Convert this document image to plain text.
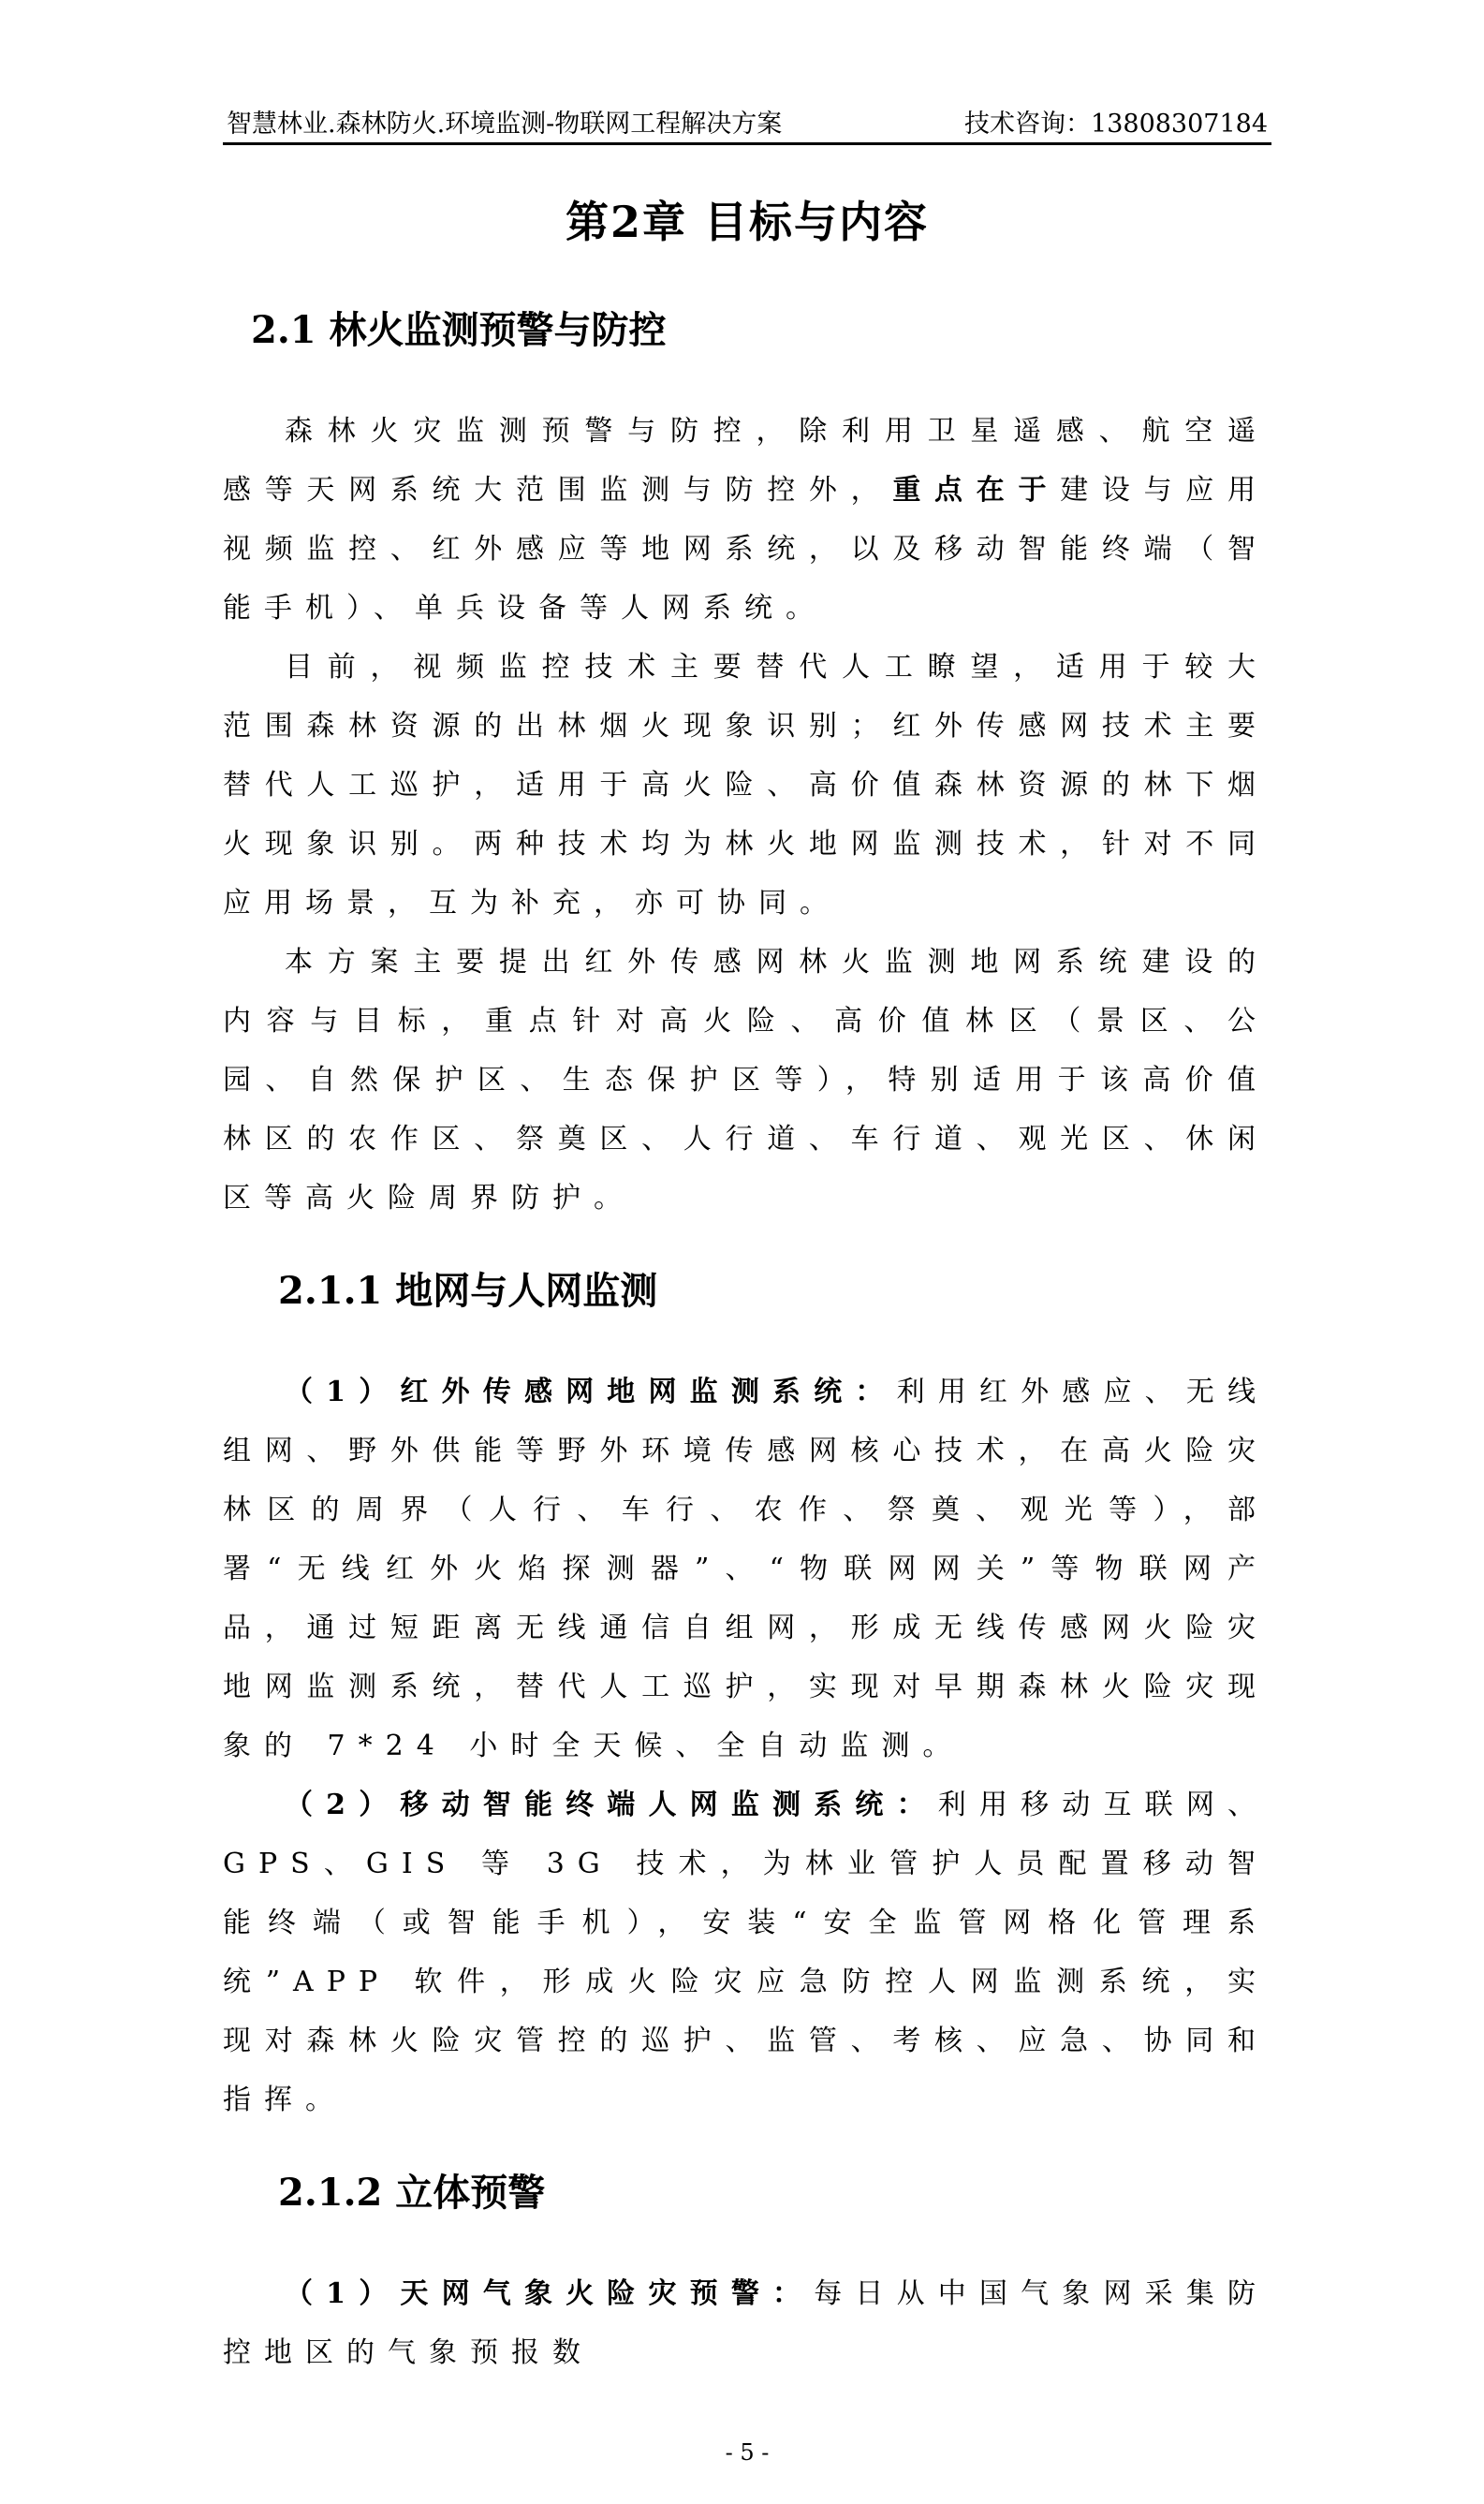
智慧林业.森林防火.环境监测-物联网工程解决方案	技术咨询：13808307184
第2章 目标与内容
2.1 林火监测预警与防控

森林火灾监测预警与防控，除利用卫星遥感、航空遥感等天网系统大范围监测与防控外，重点在于建设与应用视频监控、红外感应等地网系统，以及移动智能终端（智能手机）、单兵设备等人网系统。

目前，视频监控技术主要替代人工瞭望，适用于较大范围森林资源的出林烟火现象识别；红外传感网技术主要替代人工巡护，适用于高火险、高价值森林资源的林下烟火现象识别。两种技术均为林火地网监测技术，针对不同应用场景，互为补充，亦可协同。

本方案主要提出红外传感网林火监测地网系统建设的内容与目标，重点针对高火险、高价值林区（景区、公园、自然保护区、生态保护区等），特别适用于该高价值林区的农作区、祭奠区、人行道、车行道、观光区、休闲区等高火险周界防护。

2.1.1 地网与人网监测

（1）红外传感网地网监测系统：利用红外感应、无线组网、野外供能等野外环境传感网核心技术，在高火险灾林区的周界（人行、车行、农作、祭奠、观光等），部署“无线红外火焰探测器”、“物联网网关”等物联网产品，通过短距离无线通信自组网，形成无线传感网火险灾地网监测系统，替代人工巡护，实现对早期森林火险灾现象的 7*24 小时全天候、全自动监测。

（2）移动智能终端人网监测系统：利用移动互联网、GPS、GIS 等 3G 技术，为林业管护人员配置移动智能终端（或智能手机），安装“安全监管网格化管理系统”APP 软件，形成火险灾应急防控人网监测系统，实现对森林火险灾管控的巡护、监管、考核、应急、协同和指挥。

2.1.2 立体预警

（1）天网气象火险灾预警：每日从中国气象网采集防控地区的气象预报数

- 5 -
